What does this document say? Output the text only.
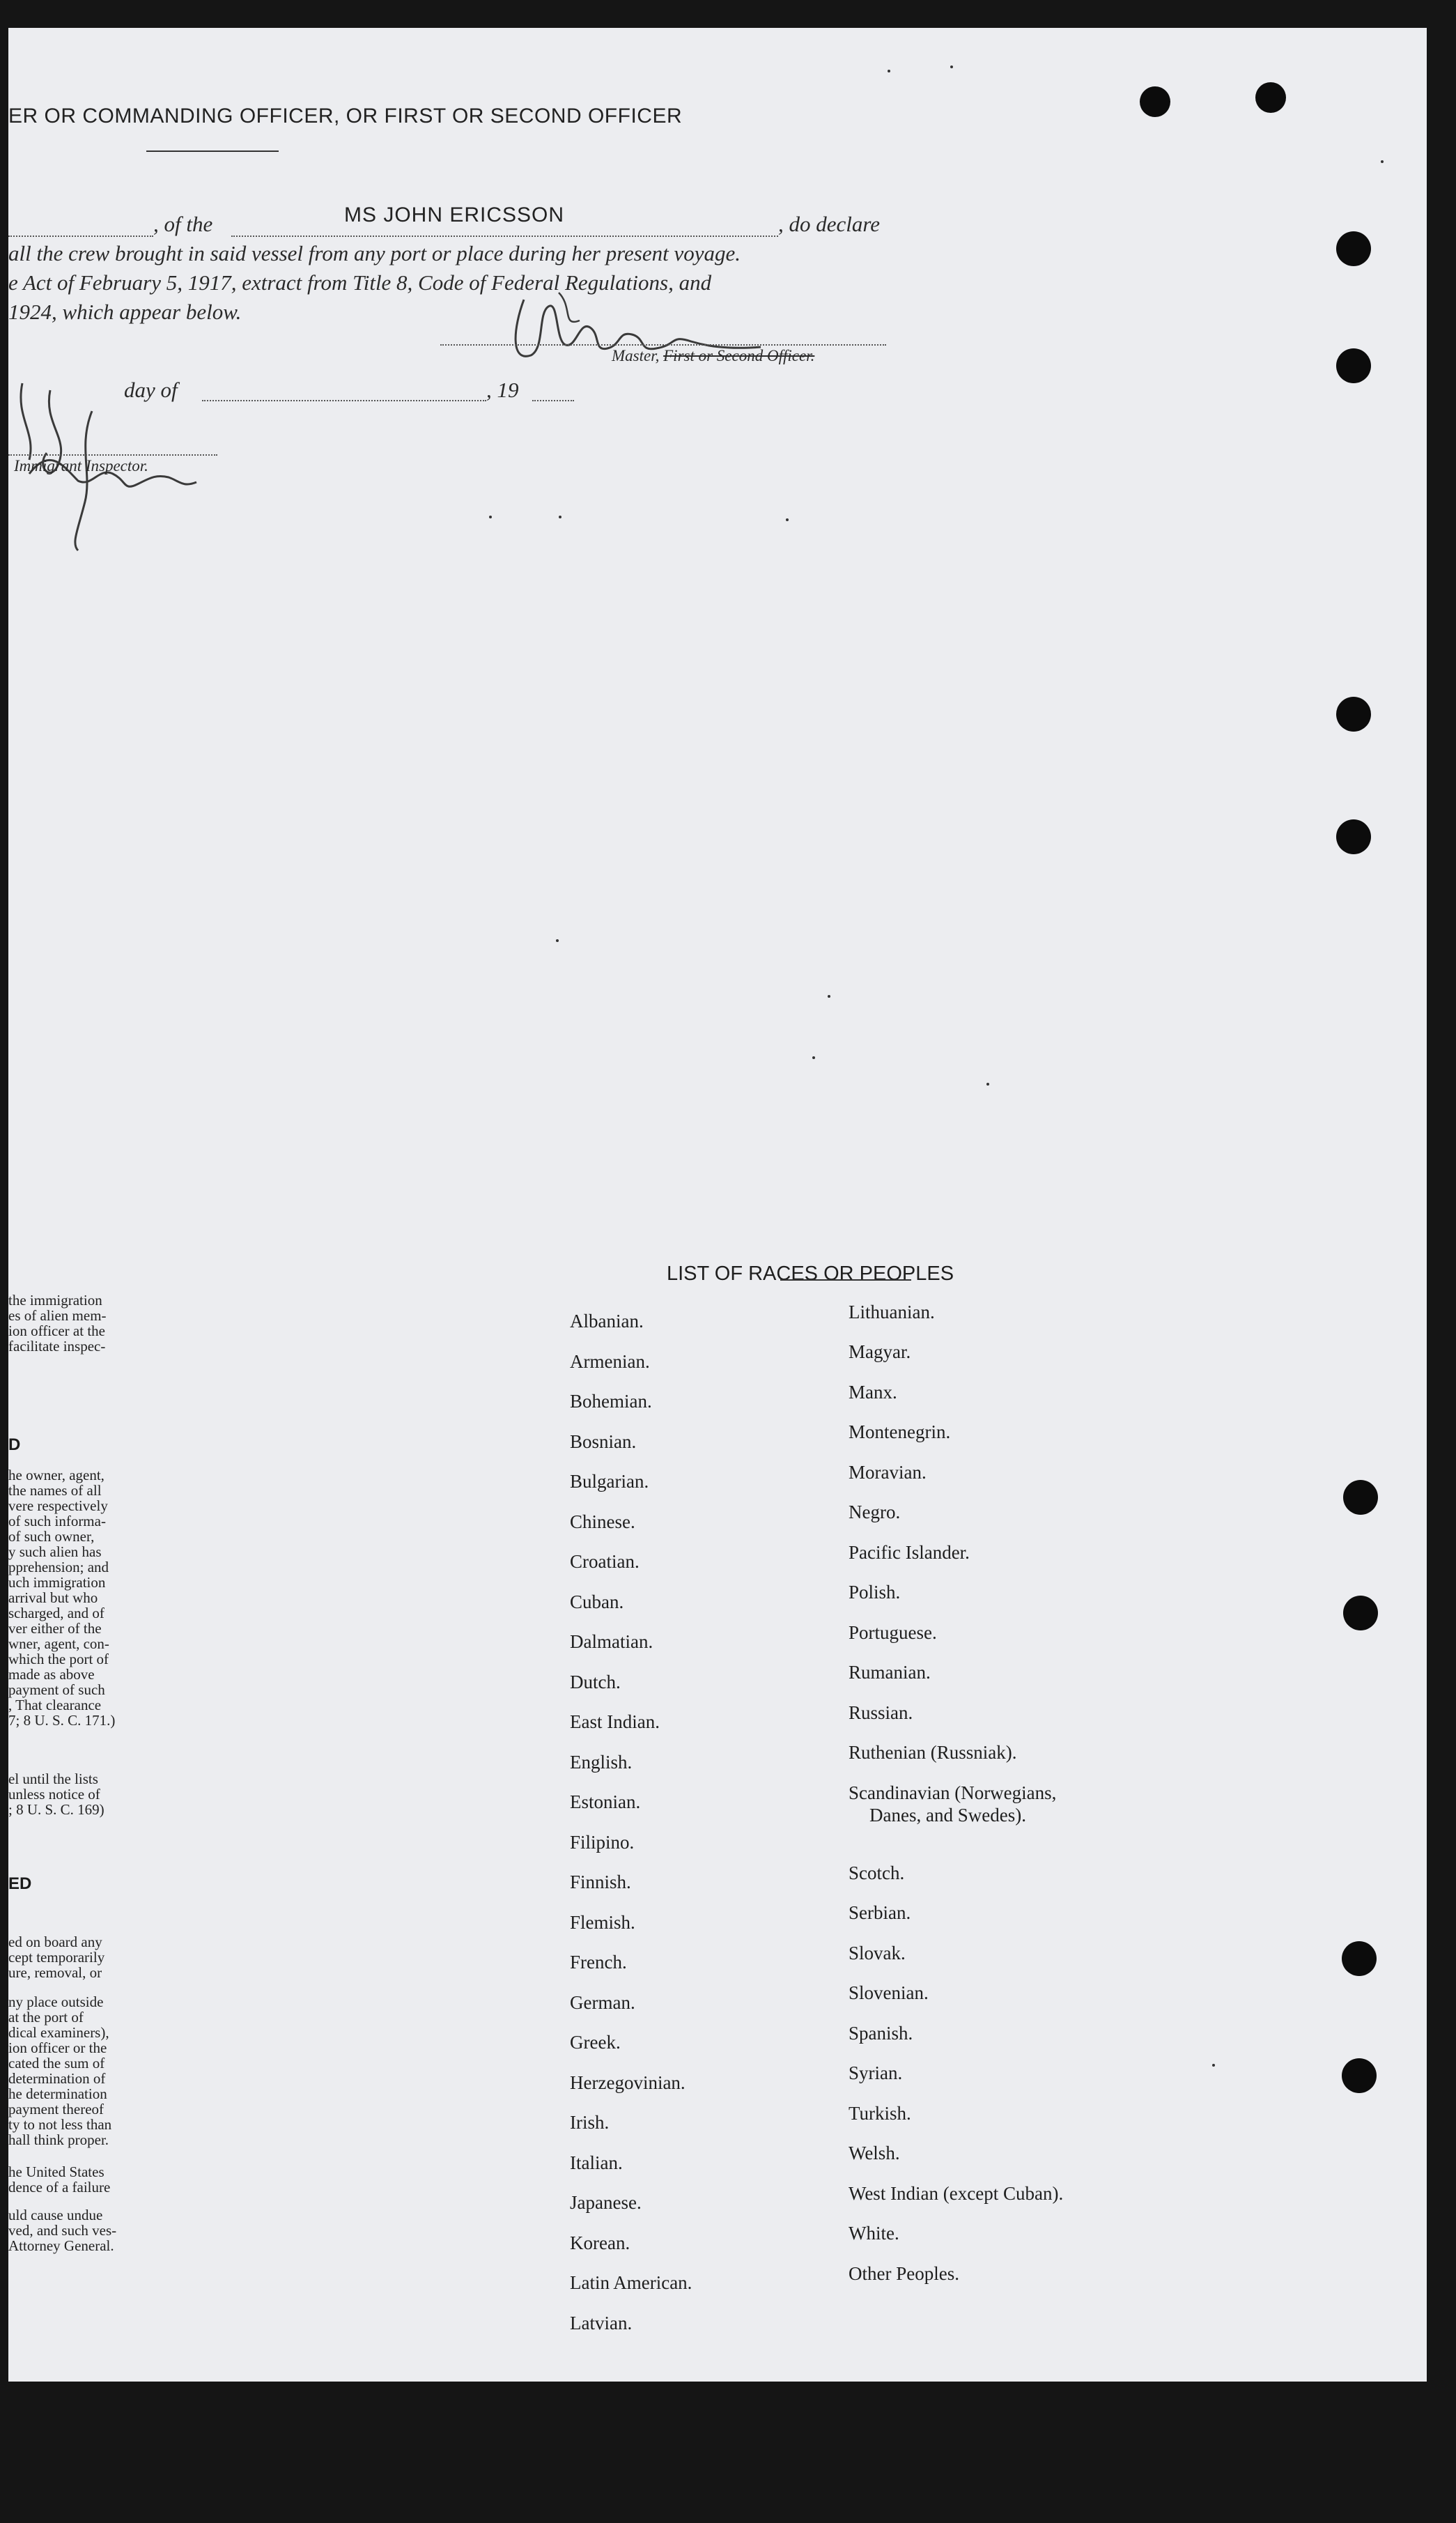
ER OR COMMANDING OFFICER, OR FIRST OR SECOND OFFICER
, of the	MS JOHN ERICSSON	, do declare
all the crew brought in said vessel from any port or place during her present voyage.
e Act of February 5, 1917, extract from Title 8, Code of Federal Regulations, and
1924, which appear below.
Master, First or Second Officer.
day of	, 19
Immigrant Inspector.
the immigration
es of alien mem-
ion officer at the
facilitate inspec-
D
he owner, agent,
the names of all
vere respectively
of such informa-
of such owner,
y such alien has
pprehension; and
uch immigration
arrival but who
scharged, and of
ver either of the
wner, agent, con-
which the port of
made as above
payment of such
, That clearance
7; 8 U. S. C. 171.)
el until the lists
unless notice of
; 8 U. S. C. 169)
ED
ed on board any
cept temporarily
ure, removal, or
ny place outside
at the port of
dical examiners),
ion officer or the
cated the sum of
determination of
he determination
payment thereof
ty to not less than
hall think proper.
he United States
dence of a failure
uld cause undue
ved, and such ves-
Attorney General.
LIST OF RACES OR PEOPLES
Albanian.
Armenian.
Bohemian.
Bosnian.
Bulgarian.
Chinese.
Croatian.
Cuban.
Dalmatian.
Dutch.
East Indian.
English.
Estonian.
Filipino.
Finnish.
Flemish.
French.
German.
Greek.
Herzegovinian.
Irish.
Italian.
Japanese.
Korean.
Latin American.
Latvian.
Lithuanian.
Magyar.
Manx.
Montenegrin.
Moravian.
Negro.
Pacific Islander.
Polish.
Portuguese.
Rumanian.
Russian.
Ruthenian (Russniak).
Scandinavian (Norwegians,
Danes, and Swedes).
Scotch.
Serbian.
Slovak.
Slovenian.
Spanish.
Syrian.
Turkish.
Welsh.
West Indian (except Cuban).
White.
Other Peoples.
